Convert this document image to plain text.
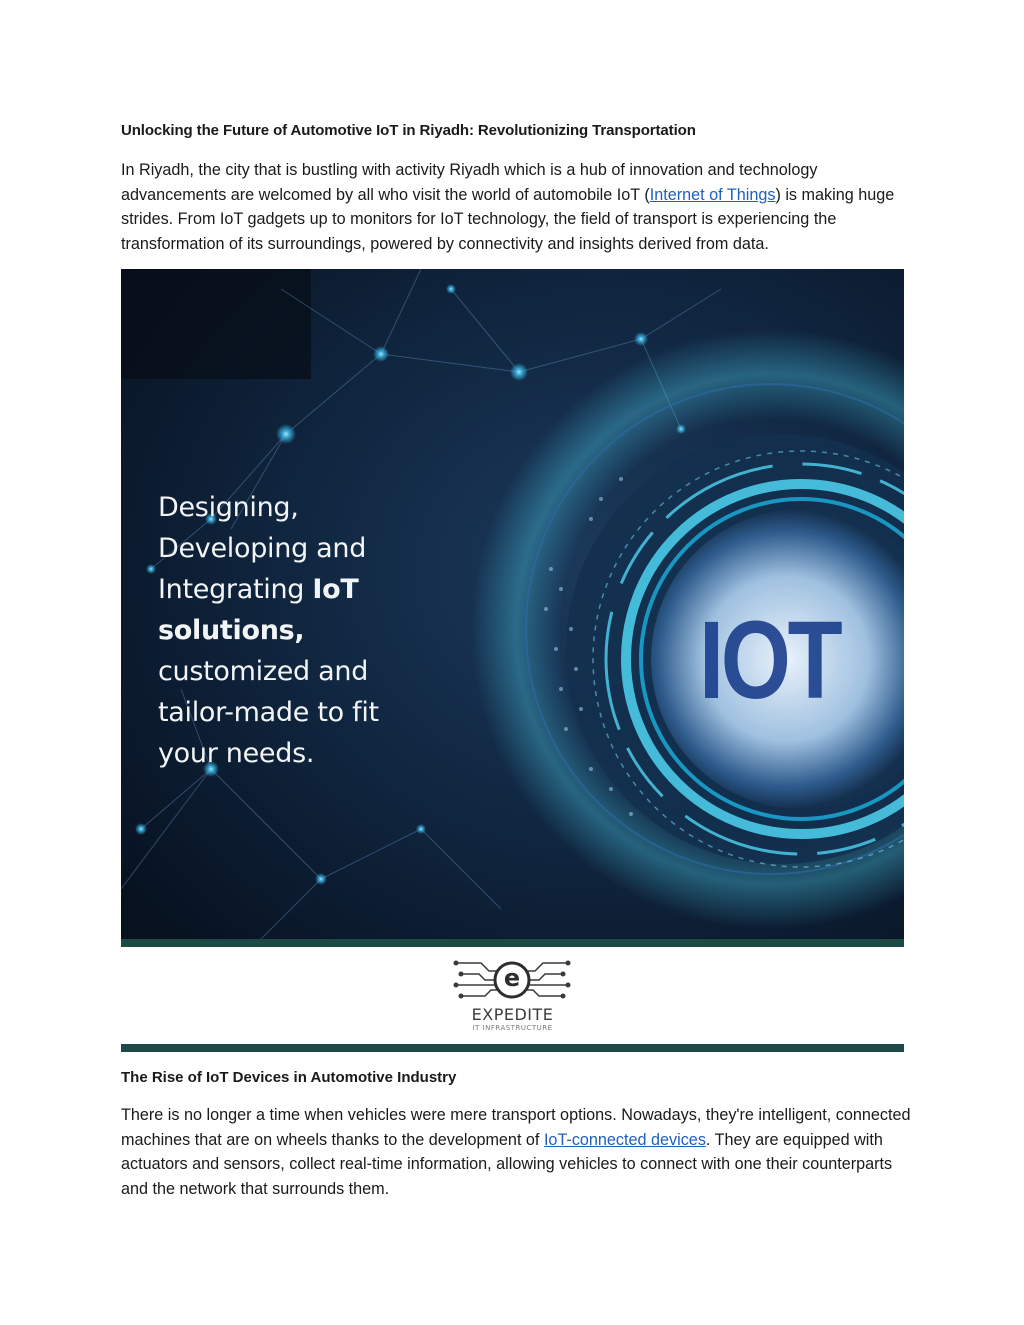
Unlocking the Future of Automotive IoT in Riyadh: Revolutionizing Transportation

In Riyadh, the city that is bustling with activity Riyadh which is a hub of innovation and technology advancements are welcomed by all who visit the world of automobile IoT (Internet of Things) is making huge strides. From IoT gadgets up to monitors for IoT technology, the field of transport is experiencing the transformation of its surroundings, powered by connectivity and insights derived from data.

Designing,
Developing and
Integrating IoT
solutions,
customized and
tailor-made to fit
your needs.
IOT
e
EXPEDITE
IT INFRASTRUCTURE
The Rise of IoT Devices in Automotive Industry

There is no longer a time when vehicles were mere transport options. Nowadays, they're intelligent, connected machines that are on wheels thanks to the development of IoT-connected devices. They are equipped with actuators and sensors, collect real-time information, allowing vehicles to connect with one their counterparts and the network that surrounds them.
